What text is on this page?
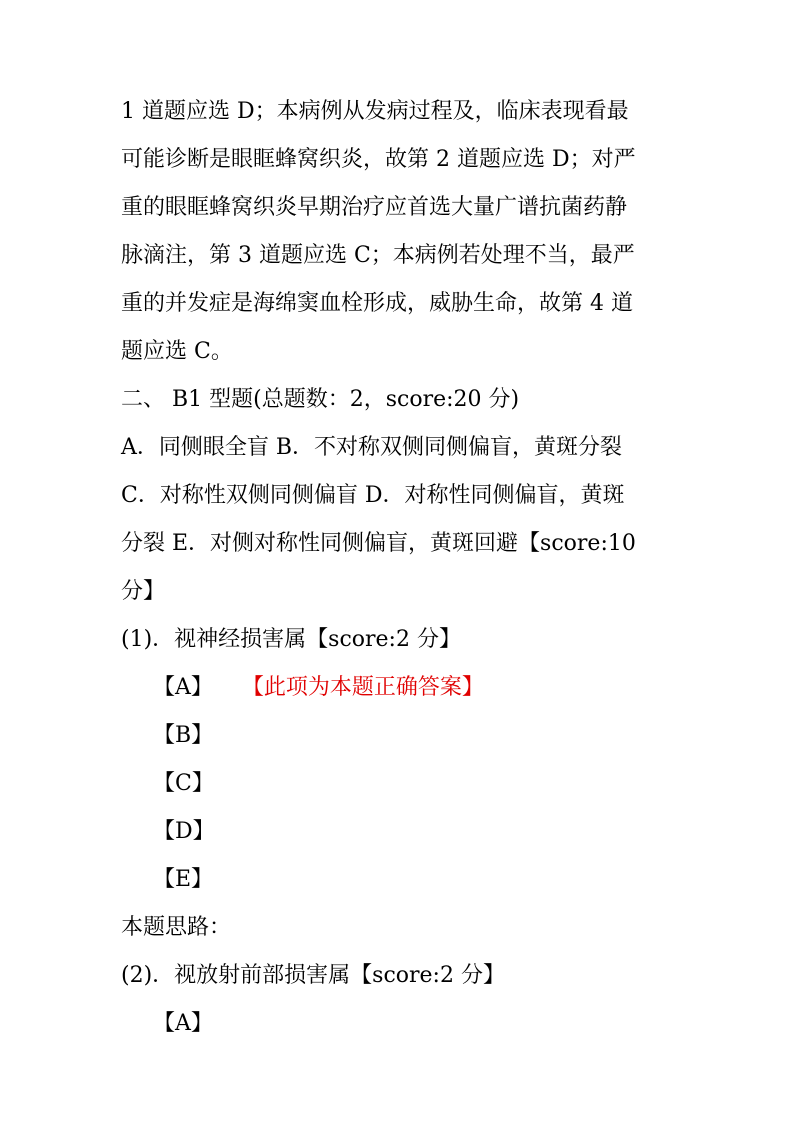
1 道题应选 D；本病例从发病过程及，临床表现看最
可能诊断是眼眶蜂窝织炎，故第 2 道题应选 D；对严
重的眼眶蜂窝织炎早期治疗应首选大量广谱抗菌药静
脉滴注，第 3 道题应选 C；本病例若处理不当，最严
重的并发症是海绵窦血栓形成，威胁生命，故第 4 道
题应选 C。
二、 B1 型题(总题数：2，score:20 分)
A．同侧眼全盲 B．不对称双侧同侧偏盲，黄斑分裂
C．对称性双侧同侧偏盲 D．对称性同侧偏盲，黄斑
分裂 E．对侧对称性同侧偏盲，黄斑回避【score:10
分】
(1)．视神经损害属【score:2 分】
【A】 【此项为本题正确答案】
【B】
【C】
【D】
【E】
本题思路：
(2)．视放射前部损害属【score:2 分】
【A】
